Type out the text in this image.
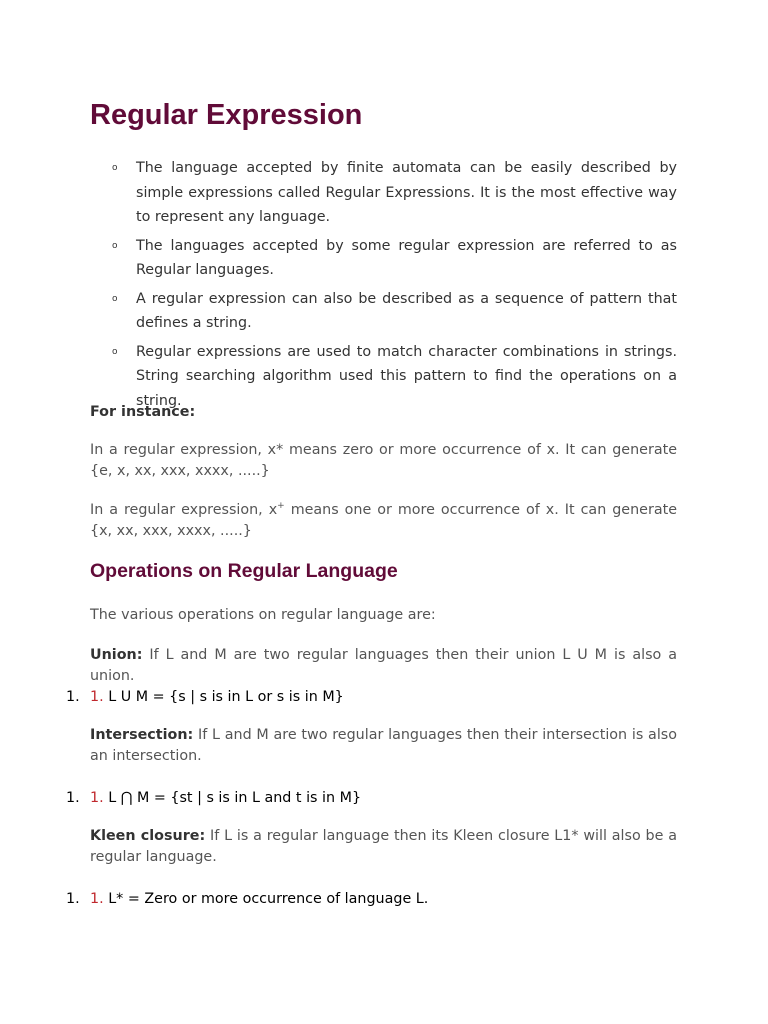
Regular Expression
o The language accepted by finite automata can be easily described by simple expressions called Regular Expressions. It is the most effective way to represent any language.
o The languages accepted by some regular expression are referred to as Regular languages.
o A regular expression can also be described as a sequence of pattern that defines a string.
o Regular expressions are used to match character combinations in strings. String searching algorithm used this pattern to find the operations on a string.

For instance:

In a regular expression, x* means zero or more occurrence of x. It can generate {e, x, xx, xxx, xxxx, .....}

In a regular expression, x+ means one or more occurrence of x. It can generate {x, xx, xxx, xxxx, .....}

Operations on Regular Language

The various operations on regular language are:

Union: If L and M are two regular languages then their union L U M is also a union.

Intersection: If L and M are two regular languages then their intersection is also an intersection.

Kleen closure: If L is a regular language then its Kleen closure L1* will also be a regular language.

1. 1. L U M = {s | s is in L or s is in M}
1. 1. L ⋂ M = {st | s is in L and t is in M}
1. 1. L* = Zero or more occurrence of language L.
